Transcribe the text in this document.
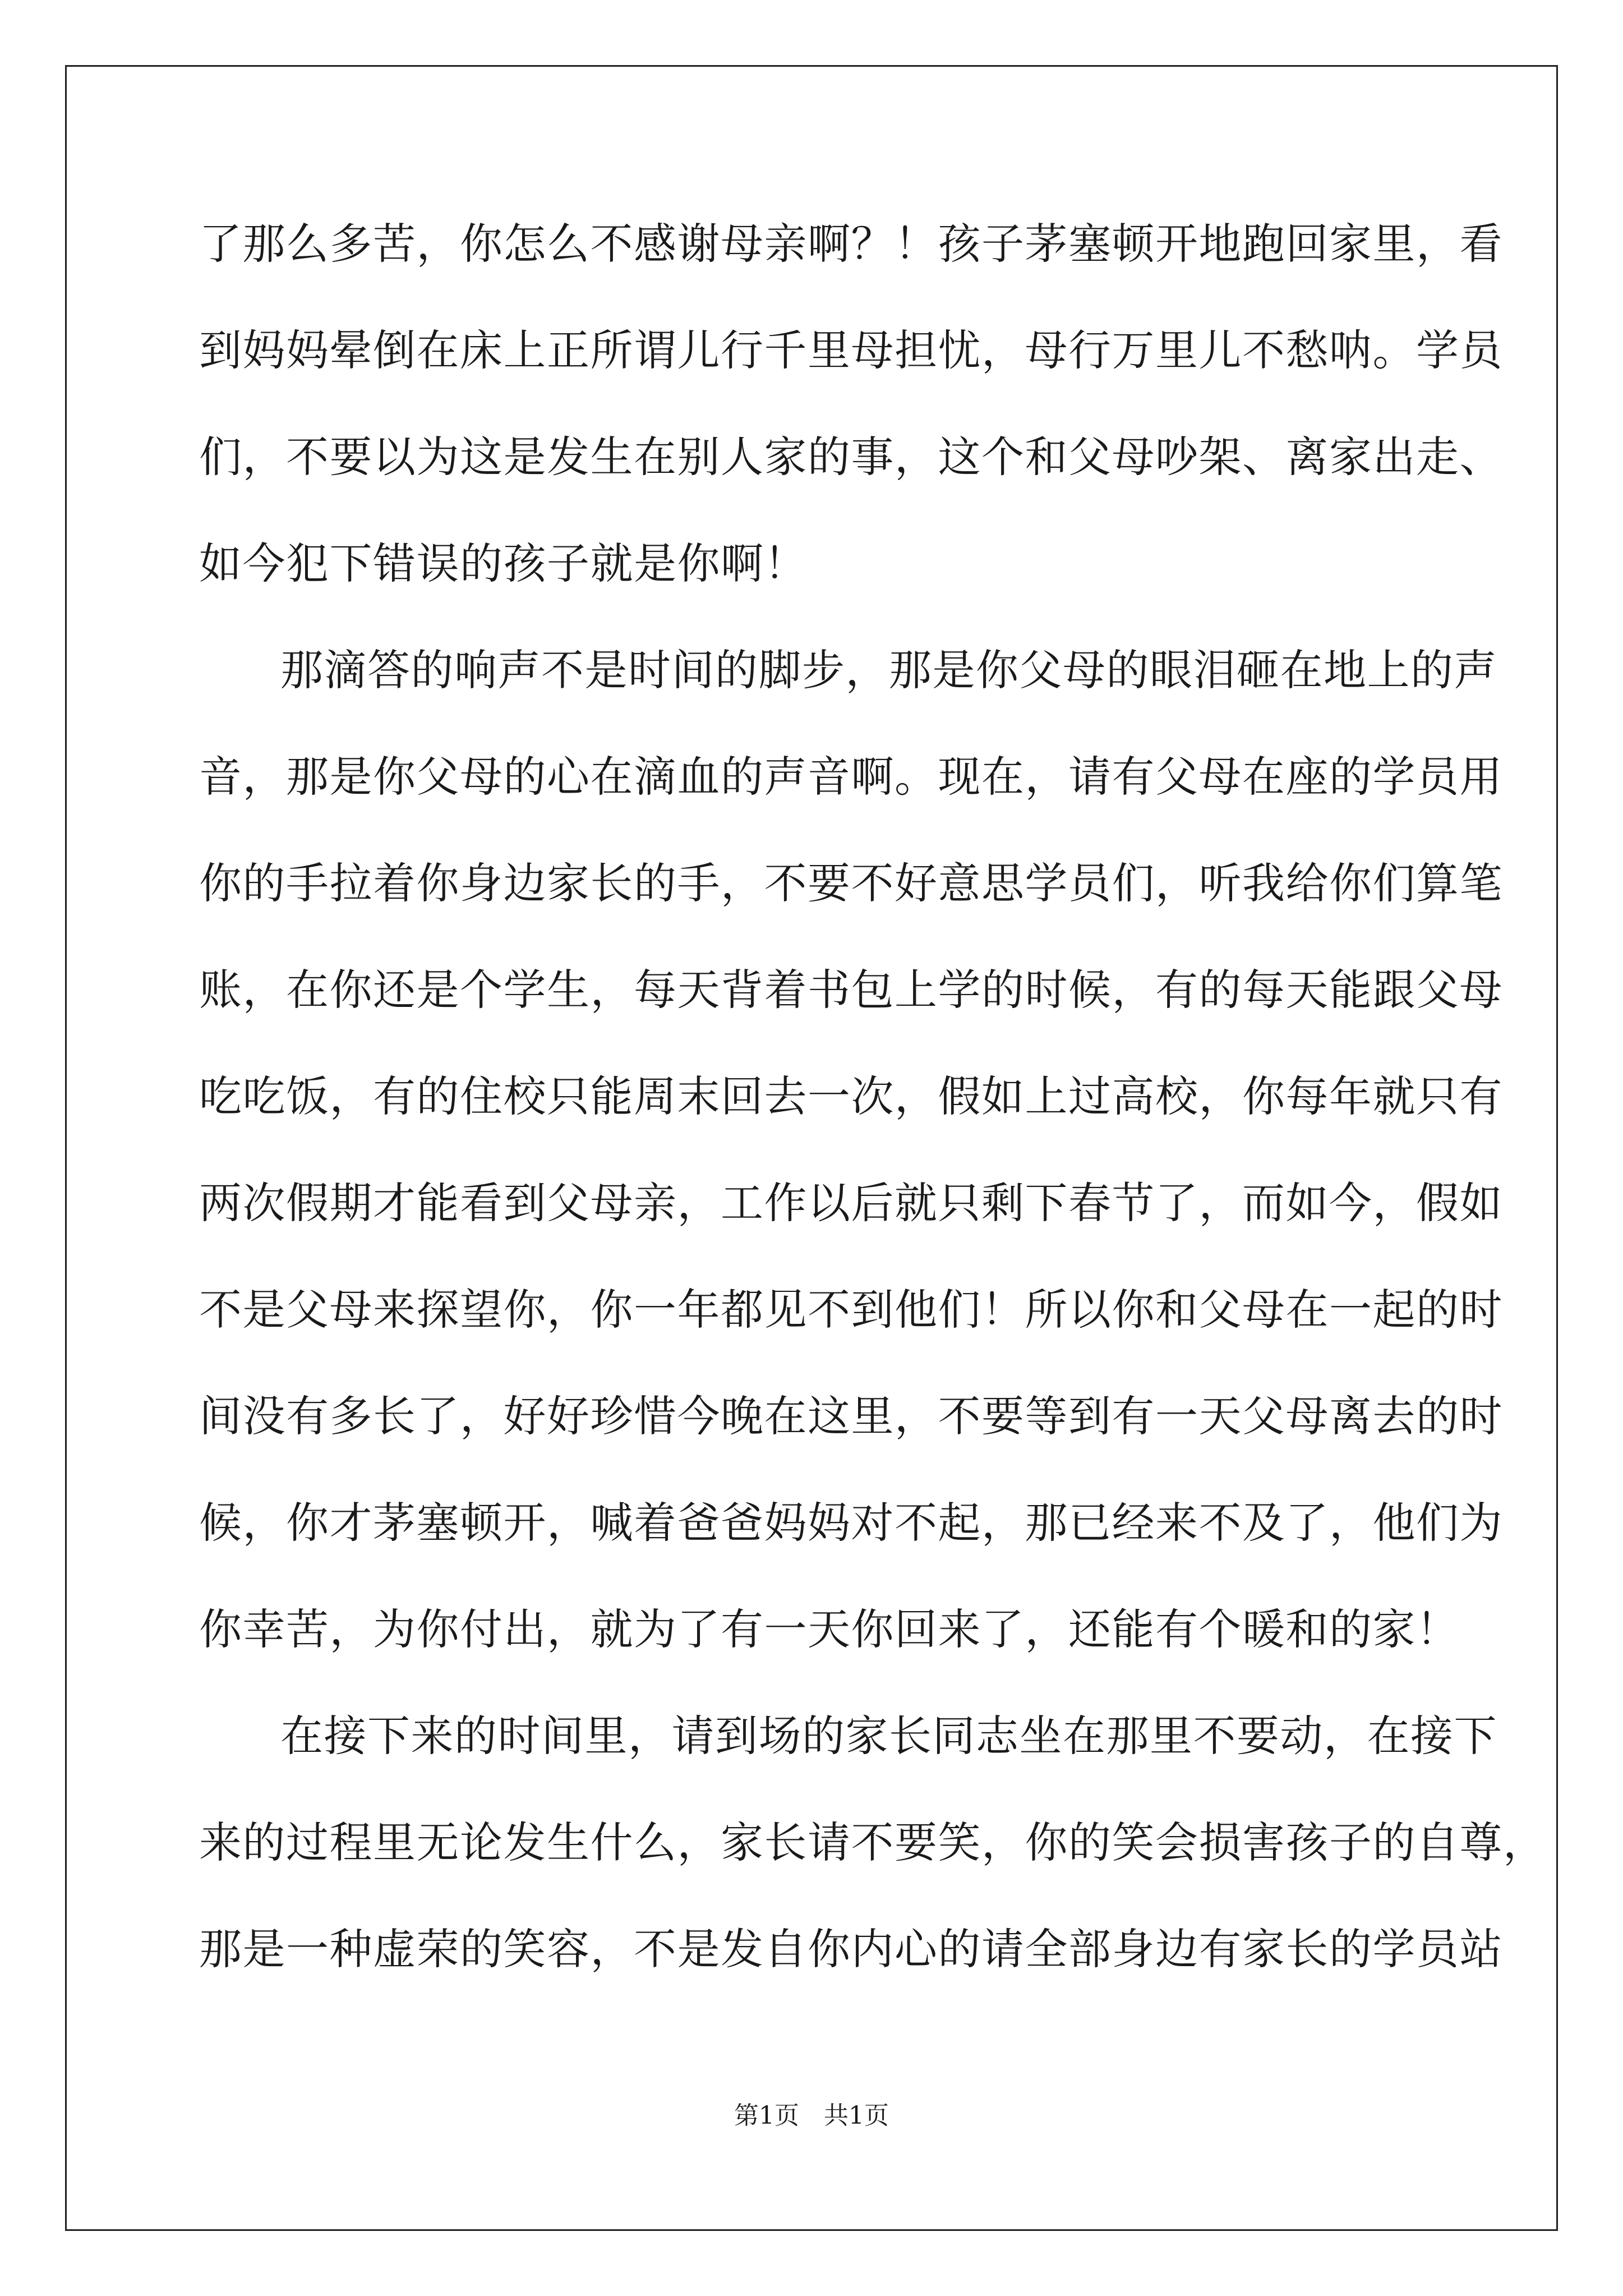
了那么多苦，你怎么不感谢母亲啊？！孩子茅塞顿开地跑回家里，看
到妈妈晕倒在床上正所谓儿行千里母担忧，母行万里儿不愁呐。学员
们，不要以为这是发生在别人家的事，这个和父母吵架、离家出走、
如今犯下错误的孩子就是你啊！
那滴答的响声不是时间的脚步，那是你父母的眼泪砸在地上的声
音，那是你父母的心在滴血的声音啊。现在，请有父母在座的学员用
你的手拉着你身边家长的手，不要不好意思学员们，听我给你们算笔
账，在你还是个学生，每天背着书包上学的时候，有的每天能跟父母
吃吃饭，有的住校只能周末回去一次，假如上过高校，你每年就只有
两次假期才能看到父母亲，工作以后就只剩下春节了，而如今，假如
不是父母来探望你，你一年都见不到他们！所以你和父母在一起的时
间没有多长了，好好珍惜今晚在这里，不要等到有一天父母离去的时
候，你才茅塞顿开，喊着爸爸妈妈对不起，那已经来不及了，他们为
你幸苦，为你付出，就为了有一天你回来了，还能有个暖和的家！
在接下来的时间里，请到场的家长同志坐在那里不要动，在接下
来的过程里无论发生什么，家长请不要笑，你的笑会损害孩子的自尊，
那是一种虚荣的笑容，不是发自你内心的请全部身边有家长的学员站
第1页　共1页
